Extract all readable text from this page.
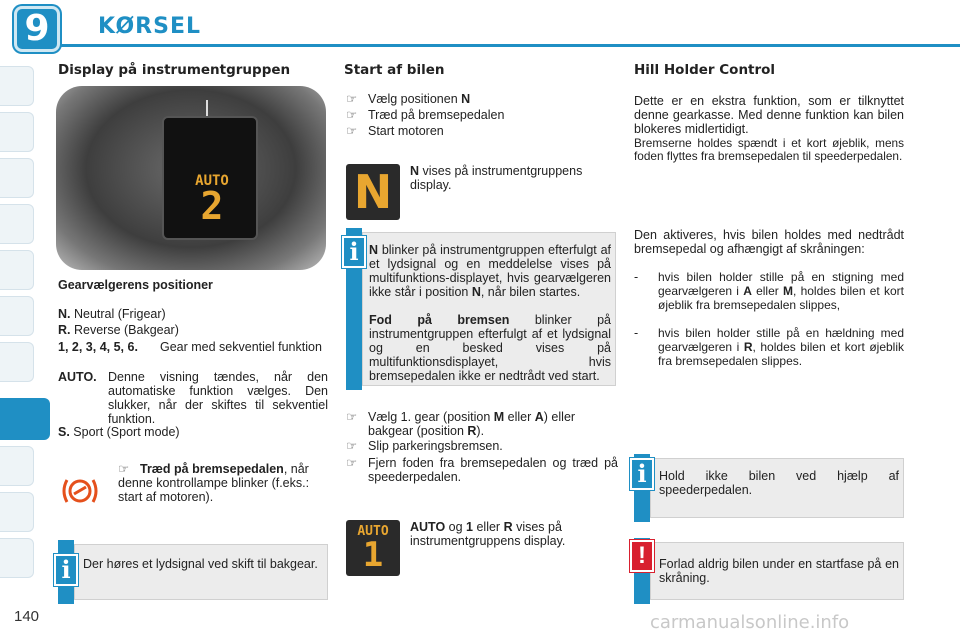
9	KØRSEL
Display på instrumentgruppen
AUTO
2
Gearvælgerens positioner
N. Neutral (Frigear)
R. Reverse (Bakgear)
1, 2, 3, 4, 5, 6.	Gear med sekventiel funktion
AUTO. Denne visning tændes, når den automatiske funktion vælges. Den slukker, når der skiftes til sekventiel funktion.
S. Sport (Sport mode)
☞ Træd på bremsepedalen, når denne kontrollampe blinker (f.eks.: start af motoren).
Der høres et lydsignal ved skift til bakgear.
i
Start af bilen
☞ Vælg positionen N
☞ Træd på bremsepedalen
☞ Start motoren
N	N vises på instrumentgruppens display.
N blinker på instrumentgruppen efterfulgt af et lydsignal og en meddelelse vises på multifunktions-displayet, hvis gearvælgeren ikke står i position N, når bilen startes.
Fod på bremsen blinker på instrumentgruppen efterfulgt af et lydsignal og en besked vises på multifunktionsdisplayet, hvis bremsepedalen ikke er nedtrådt ved start.
i
☞ Vælg 1. gear (position M eller A) eller bakgear (position R).
☞ Slip parkeringsbremsen.
☞ Fjern foden fra bremsepedalen og træd på speederpedalen.
AUTO
1
AUTO og 1 eller R vises på instrumentgruppens display.
Hill Holder Control
Dette er en ekstra funktion, som er tilknyttet denne gearkasse. Med denne funktion kan bilen blokeres midlertidigt.
Bremserne holdes spændt i et kort øjeblik, mens foden flyttes fra bremsepedalen til speederpedalen.
Den aktiveres, hvis bilen holdes med nedtrådt bremsepedal og afhængigt af skråningen:
-	hvis bilen holder stille på en stigning med gearvælgeren i A eller M, holdes bilen et kort øjeblik fra bremsepedalen slippes,
-	hvis bilen holder stille på en hældning med gearvælgeren i R, holdes bilen et kort øjeblik fra bremsepedalen slippes.
Hold ikke bilen ved hjælp af speederpedalen.
i
Forlad aldrig bilen under en startfase på en skråning.
!
140	carmanualsonline.info
